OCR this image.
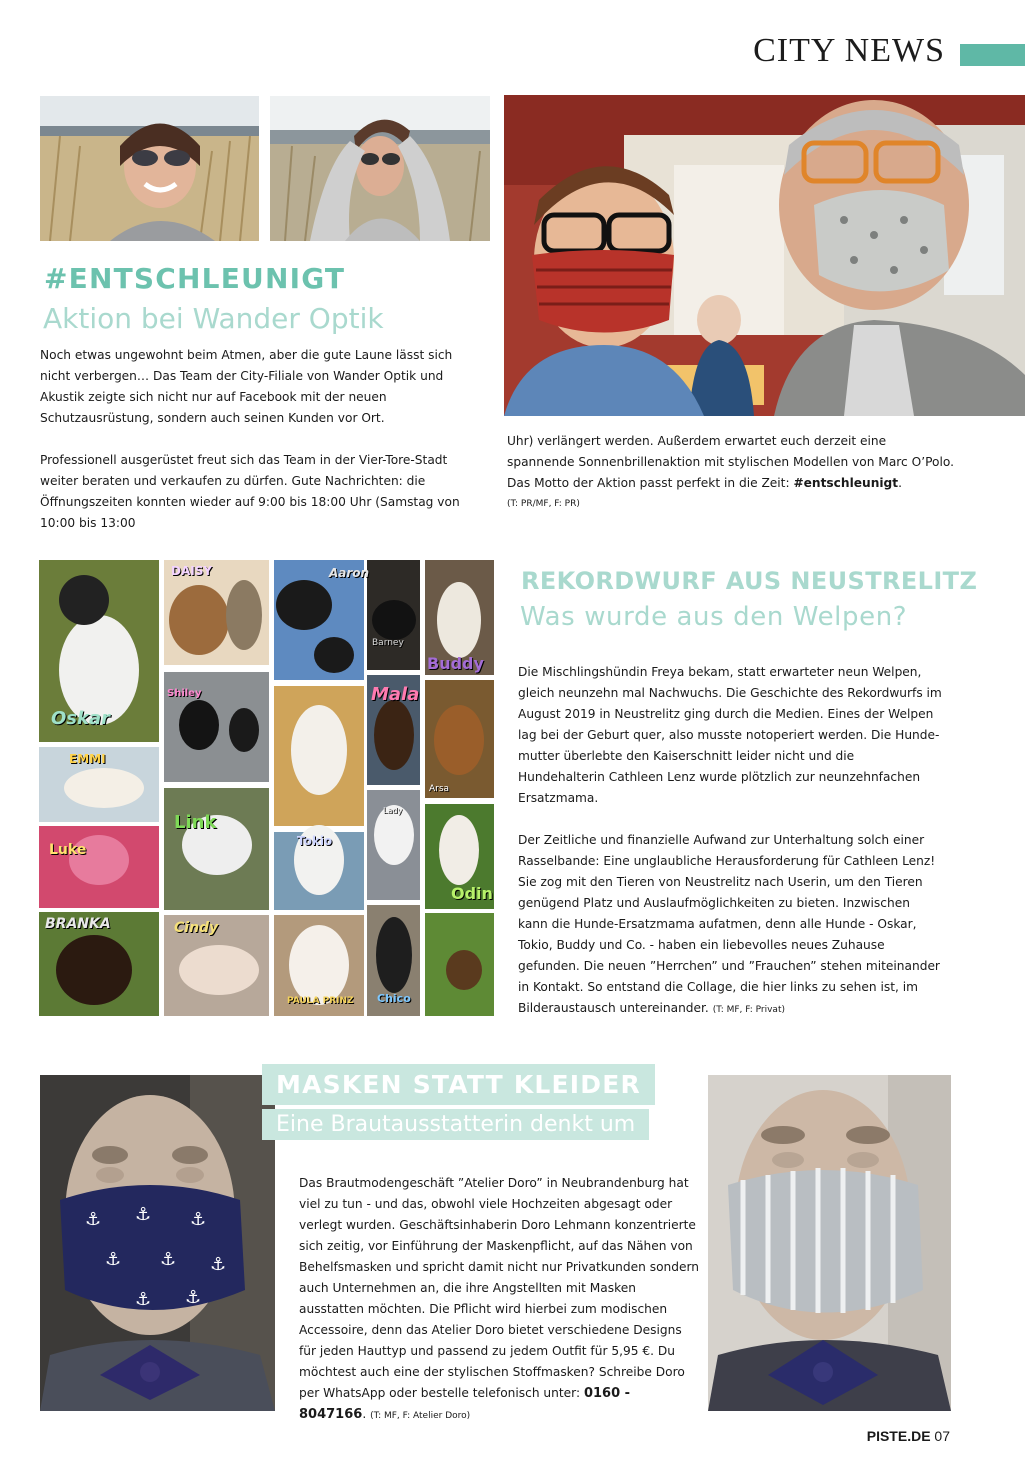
CITY NEWS
#ENTSCHLEUNIGT
Aktion bei Wander Optik

Noch etwas ungewohnt beim Atmen, aber die gute Laune lässt sich nicht verbergen… Das Team der City-Filiale von Wander Optik und Akustik zeigte sich nicht nur auf Facebook mit der neuen Schutzausrüstung, sondern auch seinen Kunden vor Ort.

Professionell ausgerüstet freut sich das Team in der Vier-Tore-Stadt weiter beraten und verkaufen zu dürfen. Gute Nachrichten: die Öffnungszeiten konnten wieder auf 9:00 bis 18:00 Uhr (Samstag von 10:00 bis 13:00

Uhr) verlängert werden. Außerdem erwartet euch derzeit eine spannende Sonnenbrillenaktion mit stylischen Modellen von Marc O’Polo. Das Motto der Aktion passt perfekt in die Zeit: #entschleunigt.

(T: PR/MF, F: PR)

DAISY	Aaron
Barney
Buddy
Oskar
Shiley	Mala
EMMI
Link
Tokio
Lady
Arsa
Luke
Odin
BRANKA	Cindy
Chico
PAULA PRINZ
REKORDWURF AUS NEUSTRELITZ
Was wurde aus den Welpen?

Die Mischlingshündin Freya bekam, statt erwarteter neun Welpen, gleich neunzehn mal Nachwuchs. Die Geschichte des Rekordwurfs im August 2019 in Neustrelitz ging durch die Medien. Eines der Welpen lag bei der Geburt quer, also musste notoperiert werden. Die Hunde-mutter überlebte den Kaiserschnitt leider nicht und die Hundehalterin Cathleen Lenz wurde plötzlich zur neunzehnfachen Ersatzmama.

Der Zeitliche und finanzielle Aufwand zur Unterhaltung solch einer Rasselbande: Eine unglaubliche Herausforderung für Cathleen Lenz! Sie zog mit den Tieren von Neustrelitz nach Userin, um den Tieren genügend Platz und Auslaufmöglichkeiten zu bieten. Inzwischen kann die Hunde-Ersatzmama aufatmen, denn alle Hunde - Oskar, Tokio, Buddy und Co. - haben ein liebevolles neues Zuhause gefunden. Die neuen ”Herrchen” und ”Frauchen” stehen miteinander in Kontakt. So entstand die Collage, die hier links zu sehen ist, im Bilderaustausch untereinander. (T: MF, F: Privat)

⚓ ⚓ ⚓
⚓ ⚓ ⚓
⚓ ⚓
MASKEN STATT KLEIDER
Eine Brautausstatterin denkt um

Das Brautmodengeschäft ”Atelier Doro” in Neubrandenburg hat viel zu tun - und das, obwohl viele Hochzeiten abgesagt oder verlegt wurden. Geschäftsinhaberin Doro Lehmann konzentrierte sich zeitig, vor Einführung der Maskenpflicht, auf das Nähen von Behelfsmasken und spricht damit nicht nur Privatkunden sondern auch Unternehmen an, die ihre Angstellten mit Masken ausstatten möchten. Die Pflicht wird hierbei zum modischen Accessoire, denn das Atelier Doro bietet verschiedene Designs für jeden Hauttyp und passend zu jedem Outfit für 5,95 €. Du möchtest auch eine der stylischen Stoffmasken? Schreibe Doro per WhatsApp oder bestelle telefonisch unter: 0160 - 8047166. (T: MF, F: Atelier Doro)

PISTE.DE 07
